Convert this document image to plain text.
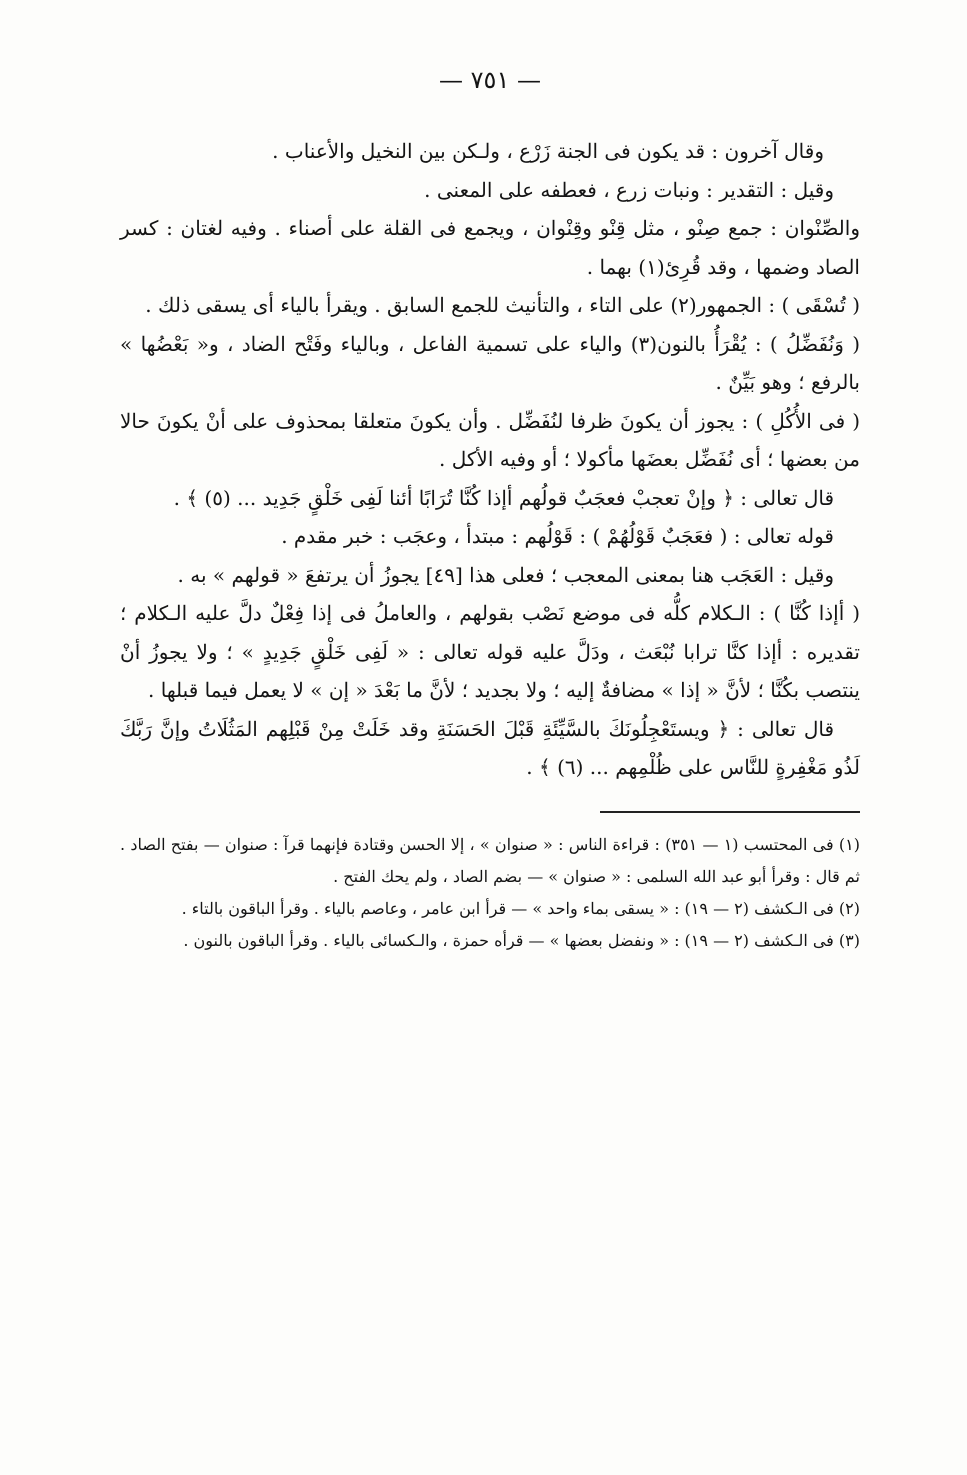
— ٧٥١ —

وقال آخرون : قد يكون فى الجنة زَرْع ، ولـكن بين النخيل والأعناب .

وقيل : التقدير : ونبات زرع ، فعطفه على المعنى .

والصِّنْوان : جمع صِنْو ، مثل قِنْو وقِنْوان ، ويجمع فى القلة على أصناء . وفيه لغتان : كسر الصاد وضمها ، وقد قُرِئ(١) بهما .

( تُسْقَى ) : الجمهور(٢) على التاء ، والتأنيث للجمع السابق . ويقرأ بالياء أى يسقى ذلك .

( وَنُفَضِّلُ ) : يُقْرَأُ بالنون(٣) والياء على تسمية الفاعل ، وبالياء وفَتْح الضاد ، و« بَعْضُها » بالرفع ؛ وهو بَيِّنٌ .

( فى الأُكُلِ ) : يجوز أن يكونَ ظرفا لنُفَضِّل . وأن يكونَ متعلقا بمحذوف على أنْ يكونَ حالا من بعضها ؛ أى نُفَضِّل بعضَها مأكولا ؛ أو وفيه الأكل .

قال تعالى : ﴿ وإنْ تعجبْ فعجَبٌ قولُهم أإذا كُنَّا تُرَابًا أئنا لَفِى خَلْقٍ جَدِيد ... (٥) ﴾ .

قوله تعالى : ( فعَجَبٌ قَوْلُهُمْ ) : قَوْلُهم : مبتدأ ، وعجَب : خبر مقدم .

وقيل : العَجَب هنا بمعنى المعجب ؛ فعلى هذا [٤٩] يجوزُ أن يرتفعَ « قولهم » به .

( أإذا كُنَّا ) : الـكلام كلُّه فى موضع نَصْب بقولهم ، والعاملُ فى إذا فِعْلٌ دلَّ عليه الـكلام ؛ تقديره : أإذا كنَّا ترابا نُبْعَث ، ودَلَّ عليه قوله تعالى : « لَفِى خَلْقٍ جَدِيدٍ » ؛ ولا يجوزُ أنْ ينتصب بكُنَّا ؛ لأنَّ « إذا » مضافةٌ إليه ؛ ولا بجديد ؛ لأنَّ ما بَعْدَ « إن » لا يعمل فيما قبلها .

قال تعالى : ﴿ ويستَعْجِلُونَكَ بالسَّيِّئَةِ قَبْلَ الحَسَنَةِ وقد خَلَتْ مِنْ قَبْلِهم المَثُلَاتُ وإنَّ رَبَّكَ لَذُو مَغْفِرةٍ للنَّاس على ظُلْمِهم ... (٦) ﴾ .

(١) فى المحتسب (١ — ٣٥١) : قراءة الناس : « صنوان » ، إلا الحسن وقتادة فإنهما قرآ : صنوان — بفتح الصاد . ثم قال : وقرأ أبو عبد الله السلمى : « صنوان » — بضم الصاد ، ولم يحك الفتح .

(٢) فى الـكشف (٢ — ١٩) : « يسقى بماء واحد » — قرأ ابن عامر ، وعاصم بالياء . وقرأ الباقون بالتاء .

(٣) فى الـكشف (٢ — ١٩) : « ونفضل بعضها » — قرأه حمزة ، والـكسائى بالياء . وقرأ الباقون بالنون .
